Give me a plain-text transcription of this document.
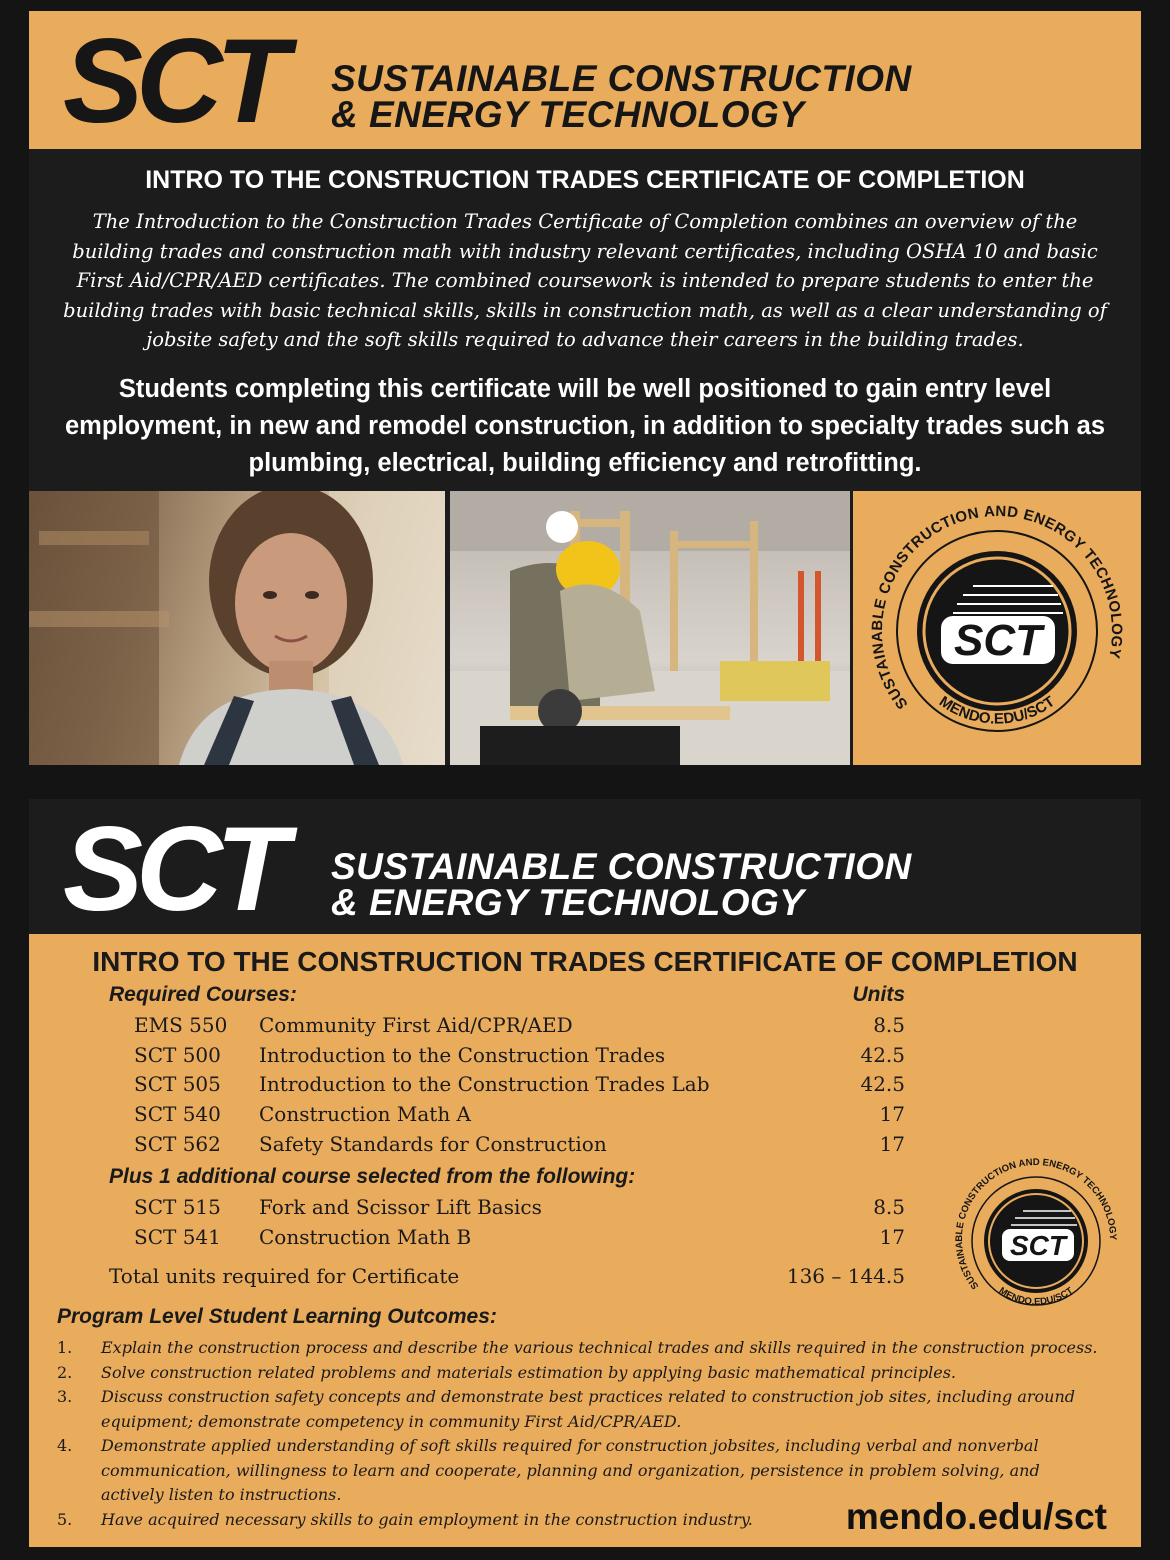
SCT SUSTAINABLE CONSTRUCTION
& ENERGY TECHNOLOGY

INTRO TO THE CONSTRUCTION TRADES CERTIFICATE OF COMPLETION

The Introduction to the Construction Trades Certificate of Completion combines an overview of the building trades and construction math with industry relevant certificates, including OSHA 10 and basic First Aid/CPR/AED certificates. The combined coursework is intended to prepare students to enter the building trades with basic technical skills, skills in construction math, as well as a clear understanding of jobsite safety and the soft skills required to advance their careers in the building trades.

Students completing this certificate will be well positioned to gain entry level employment, in new and remodel construction, in addition to specialty trades such as plumbing, electrical, building efficiency and retrofitting.

SCT
SUSTAINABLE CONSTRUCTION AND ENERGY TECHNOLOGY
MENDO.EDU/SCT

SCT SUSTAINABLE CONSTRUCTION
& ENERGY TECHNOLOGY

INTRO TO THE CONSTRUCTION TRADES CERTIFICATE OF COMPLETION
Required Courses:	Units
EMS 550 Community First Aid/CPR/AED	8.5
SCT 500 Introduction to the Construction Trades	42.5
SCT 505 Introduction to the Construction Trades Lab	42.5
SCT 540 Construction Math A	17
SCT 562 Safety Standards for Construction	17
Plus 1 additional course selected from the following:
SCT 515 Fork and Scissor Lift Basics	8.5
SCT 541 Construction Math B	17
Total units required for Certificate	136 – 144.5
SCT
SUSTAINABLE CONSTRUCTION AND ENERGY TECHNOLOGY
MENDO.EDU/SCT

Program Level Student Learning Outcomes:

1. Explain the construction process and describe the various technical trades and skills required in the construction process.
2. Solve construction related problems and materials estimation by applying basic mathematical principles.
3. Discuss construction safety concepts and demonstrate best practices related to construction job sites, including around equipment; demonstrate competency in community First Aid/CPR/AED.
4. Demonstrate applied understanding of soft skills required for construction jobsites, including verbal and nonverbal communication, willingness to learn and cooperate, planning and organization, persistence in problem solving, and actively listen to instructions.
5. Have acquired necessary skills to gain employment in the construction industry.	mendo.edu/sct
